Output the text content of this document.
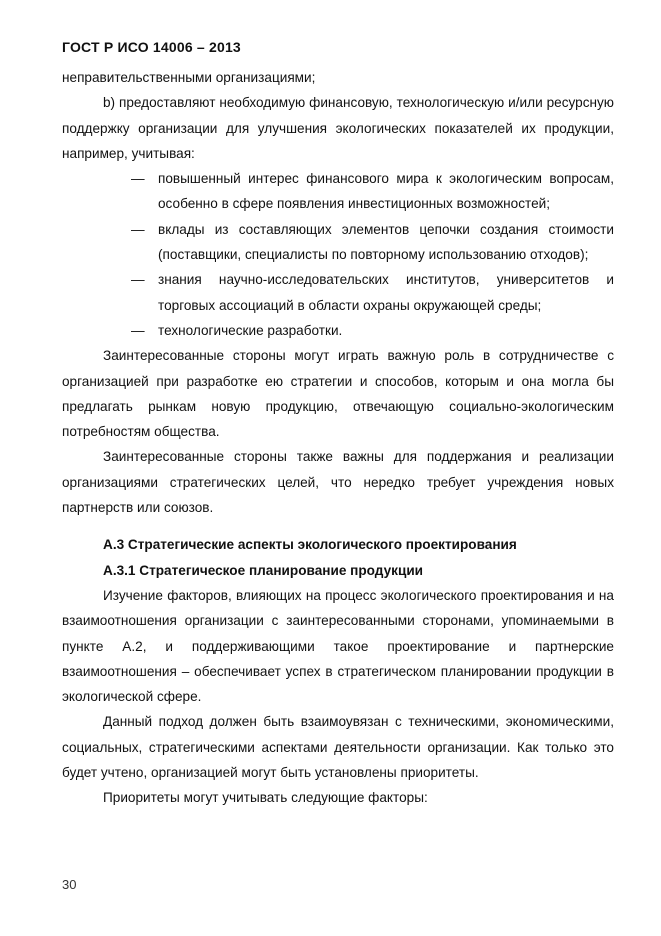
ГОСТ Р ИСО 14006 – 2013

неправительственными организациями;

b) предоставляют необходимую финансовую, технологическую и/или ресурсную поддержку организации для улучшения экологических показателей их продукции, например, учитывая:

— повышенный интерес финансового мира к экологическим вопросам, особенно в сфере появления инвестиционных возможностей;
— вклады из составляющих элементов цепочки создания стоимости (поставщики, специалисты по повторному использованию отходов);
— знания научно-исследовательских институтов, университетов и торговых ассоциаций в области охраны окружающей среды;
— технологические разработки.

Заинтересованные стороны могут играть важную роль в сотрудничестве с организацией при разработке ею стратегии и способов, которым и она могла бы предлагать рынкам новую продукцию, отвечающую социально-экологическим потребностям общества.

Заинтересованные стороны также важны для поддержания и реализации организациями стратегических целей, что нередко требует учреждения новых партнерств или союзов.

А.3 Стратегические аспекты экологического проектирования

А.3.1 Стратегическое планирование продукции

Изучение факторов, влияющих на процесс экологического проектирования и на взаимоотношения организации с заинтересованными сторонами, упоминаемыми в пункте А.2, и поддерживающими такое проектирование и партнерские взаимоотношения – обеспечивает успех в стратегическом планировании продукции в экологической сфере.

Данный подход должен быть взаимоувязан с техническими, экономическими, социальных, стратегическими аспектами деятельности организации. Как только это будет учтено, организацией могут быть установлены приоритеты.

Приоритеты могут учитывать следующие факторы:

30
